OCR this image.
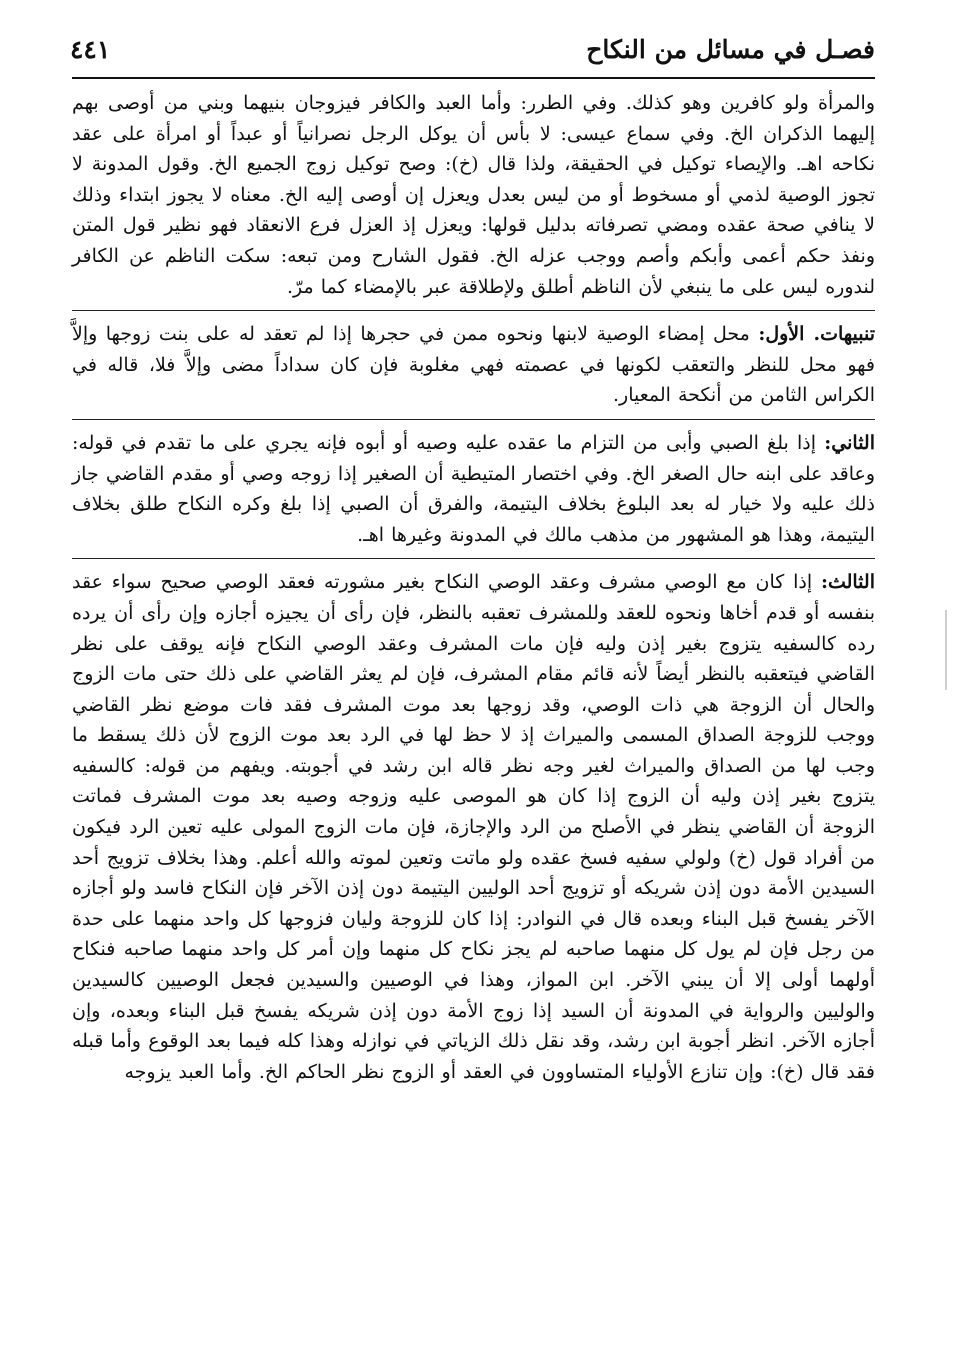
فصـل في مسائل من النكاح
٤٤١

والمرأة ولو كافرين وهو كذلك. وفي الطرر: وأما العبد والكافر فيزوجان بنيهما وبني من أوصى بهم إليهما الذكران الخ. وفي سماع عيسى: لا بأس أن يوكل الرجل نصرانياً أو عبداً أو امرأة على عقد نكاحه اهـ. والإيصاء توكيل في الحقيقة، ولذا قال (خ): وصح توكيل زوج الجميع الخ. وقول المدونة لا تجوز الوصية لذمي أو مسخوط أو من ليس بعدل ويعزل إن أوصى إليه الخ. معناه لا يجوز ابتداء وذلك لا ينافي صحة عقده ومضي تصرفاته بدليل قولها: ويعزل إذ العزل فرع الانعقاد فهو نظير قول المتن ونفذ حكم أعمى وأبكم وأصم ووجب عزله الخ. فقول الشارح ومن تبعه: سكت الناظم عن الكافر لندوره ليس على ما ينبغي لأن الناظم أطلق ولإطلاقة عبر بالإمضاء كما مرّ.

تنبيهات. الأول: محل إمضاء الوصية لابنها ونحوه ممن في حجرها إذا لم تعقد له على بنت زوجها وإلاَّ فهو محل للنظر والتعقب لكونها في عصمته فهي مغلوبة فإن كان سداداً مضى وإلاَّ فلا، قاله في الكراس الثامن من أنكحة المعيار.

الثاني: إذا بلغ الصبي وأبى من التزام ما عقده عليه وصيه أو أبوه فإنه يجري على ما تقدم في قوله: وعاقد على ابنه حال الصغر الخ. وفي اختصار المتيطية أن الصغير إذا زوجه وصي أو مقدم القاضي جاز ذلك عليه ولا خيار له بعد البلوغ بخلاف اليتيمة، والفرق أن الصبي إذا بلغ وكره النكاح طلق بخلاف اليتيمة، وهذا هو المشهور من مذهب مالك في المدونة وغيرها اهـ.

الثالث: إذا كان مع الوصي مشرف وعقد الوصي النكاح بغير مشورته فعقد الوصي صحيح سواء عقد بنفسه أو قدم أخاها ونحوه للعقد وللمشرف تعقبه بالنظر، فإن رأى أن يجيزه أجازه وإن رأى أن يرده رده كالسفيه يتزوج بغير إذن وليه فإن مات المشرف وعقد الوصي النكاح فإنه يوقف على نظر القاضي فيتعقبه بالنظر أيضاً لأنه قائم مقام المشرف، فإن لم يعثر القاضي على ذلك حتى مات الزوج والحال أن الزوجة هي ذات الوصي، وقد زوجها بعد موت المشرف فقد فات موضع نظر القاضي ووجب للزوجة الصداق المسمى والميراث إذ لا حظ لها في الرد بعد موت الزوج لأن ذلك يسقط ما وجب لها من الصداق والميراث لغير وجه نظر قاله ابن رشد في أجوبته. ويفهم من قوله: كالسفيه يتزوج بغير إذن وليه أن الزوج إذا كان هو الموصى عليه وزوجه وصيه بعد موت المشرف فماتت الزوجة أن القاضي ينظر في الأصلح من الرد والإجازة، فإن مات الزوج المولى عليه تعين الرد فيكون من أفراد قول (خ) ولولي سفيه فسخ عقده ولو ماتت وتعين لموته والله أعلم. وهذا بخلاف تزويج أحد السيدين الأمة دون إذن شريكه أو تزويج أحد الوليين اليتيمة دون إذن الآخر فإن النكاح فاسد ولو أجازه الآخر يفسخ قبل البناء وبعده قال في النوادر: إذا كان للزوجة وليان فزوجها كل واحد منهما على حدة من رجل فإن لم يول كل منهما صاحبه لم يجز نكاح كل منهما وإن أمر كل واحد منهما صاحبه فنكاح أولهما أولى إلا أن يبني الآخر. ابن المواز، وهذا في الوصيين والسيدين فجعل الوصيين كالسيدين والوليين والرواية في المدونة أن السيد إذا زوج الأمة دون إذن شريكه يفسخ قبل البناء وبعده، وإن أجازه الآخر. انظر أجوبة ابن رشد، وقد نقل ذلك الزياتي في نوازله وهذا كله فيما بعد الوقوع وأما قبله فقد قال (خ): وإن تنازع الأولياء المتساوون في العقد أو الزوج نظر الحاكم الخ. وأما العبد يزوجه
